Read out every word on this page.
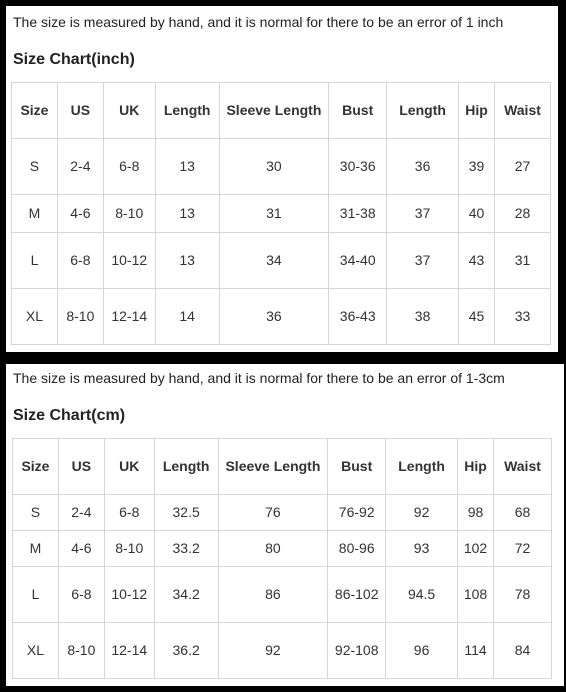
The size is measured by hand, and it is normal for there to be an error of 1 inch
Size Chart(inch)
Size	US	UK	Length	Sleeve Length	Bust	Length	Hip	Waist
S	2-4	6-8	13	30	30-36	36	39	27
M	4-6	8-10	13	31	31-38	37	40	28
L	6-8	10-12	13	34	34-40	37	43	31
XL	8-10	12-14	14	36	36-43	38	45	33
The size is measured by hand, and it is normal for there to be an error of 1-3cm
Size Chart(cm)
Size	US	UK	Length	Sleeve Length	Bust	Length	Hip	Waist
S	2-4	6-8	32.5	76	76-92	92	98	68
M	4-6	8-10	33.2	80	80-96	93	102	72
L	6-8	10-12	34.2	86	86-102	94.5	108	78
XL	8-10	12-14	36.2	92	92-108	96	114	84
